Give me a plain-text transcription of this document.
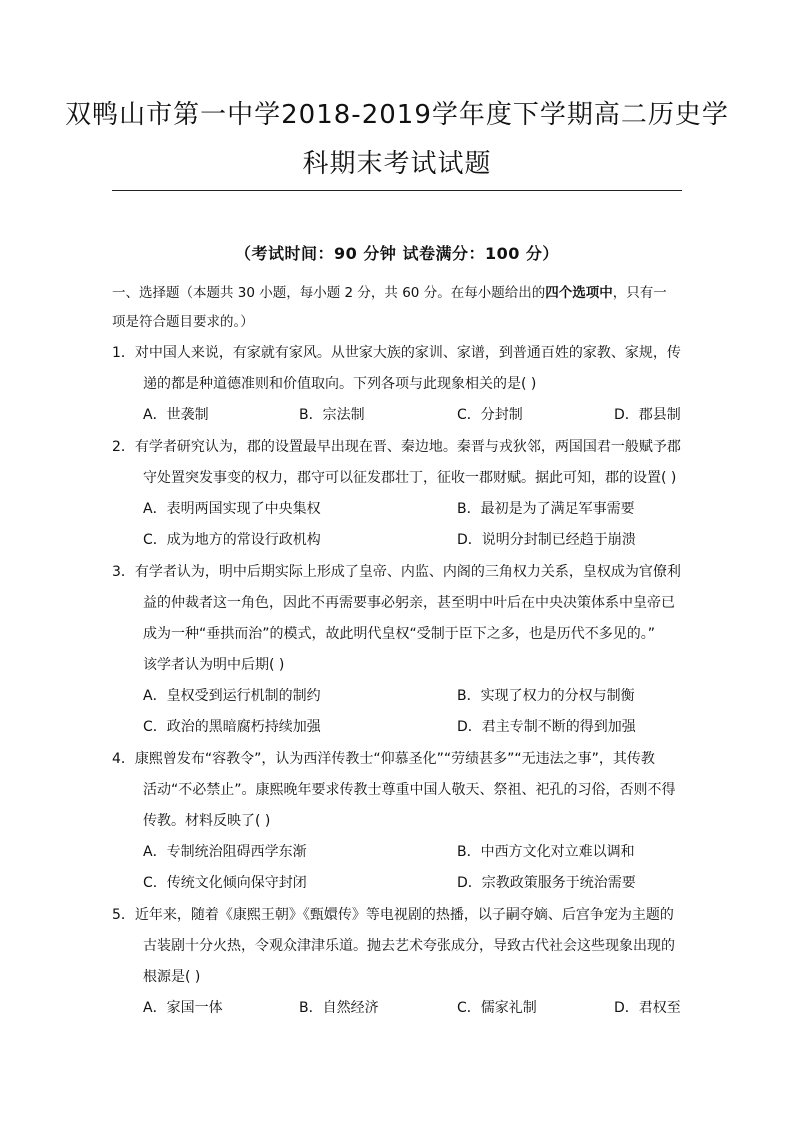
双鸭山市第一中学2018-2019学年度下学期高二历史学
科期末考试试题
（考试时间：90 分钟 试卷满分：100 分）
一、选择题（本题共 30 小题，每小题 2 分，共 60 分。在每小题给出的四个选项中，只有一
项是符合题目要求的。）
1．对中国人来说，有家就有家风。从世家大族的家训、家谱，到普通百姓的家教、家规，传
递的都是种道德准则和价值取向。下列各项与此现象相关的是( )
A．世袭制	B．宗法制	C．分封制	D．郡县制
2．有学者研究认为，郡的设置最早出现在晋、秦边地。秦晋与戎狄邻，两国国君一般赋予郡
守处置突发事变的权力，郡守可以征发郡壮丁，征收一郡财赋。据此可知，郡的设置( )
A．表明两国实现了中央集权	B．最初是为了满足军事需要
C．成为地方的常设行政机构	D．说明分封制已经趋于崩溃
3．有学者认为，明中后期实际上形成了皇帝、内监、内阁的三角权力关系，皇权成为官僚利
益的仲裁者这一角色，因此不再需要事必躬亲，甚至明中叶后在中央决策体系中皇帝已
成为一种“垂拱而治”的模式，故此明代皇权“受制于臣下之多，也是历代不多见的。”
该学者认为明中后期( )
A．皇权受到运行机制的制约	B．实现了权力的分权与制衡
C．政治的黑暗腐朽持续加强	D．君主专制不断的得到加强
4．康熙曾发布“容教令”，认为西洋传教士“仰慕圣化”“劳绩甚多”“无违法之事”，其传教
活动“不必禁止”。康熙晚年要求传教士尊重中国人敬天、祭祖、祀孔的习俗，否则不得
传教。材料反映了( )
A．专制统治阻碍西学东渐	B．中西方文化对立难以调和
C．传统文化倾向保守封闭	D．宗教政策服务于统治需要
5．近年来，随着《康熙王朝》《甄嬛传》等电视剧的热播，以子嗣夺嫡、后宫争宠为主题的
古装剧十分火热，令观众津津乐道。抛去艺术夸张成分，导致古代社会这些现象出现的
根源是( )
A．家国一体	B．自然经济	C．儒家礼制	D．君权至
